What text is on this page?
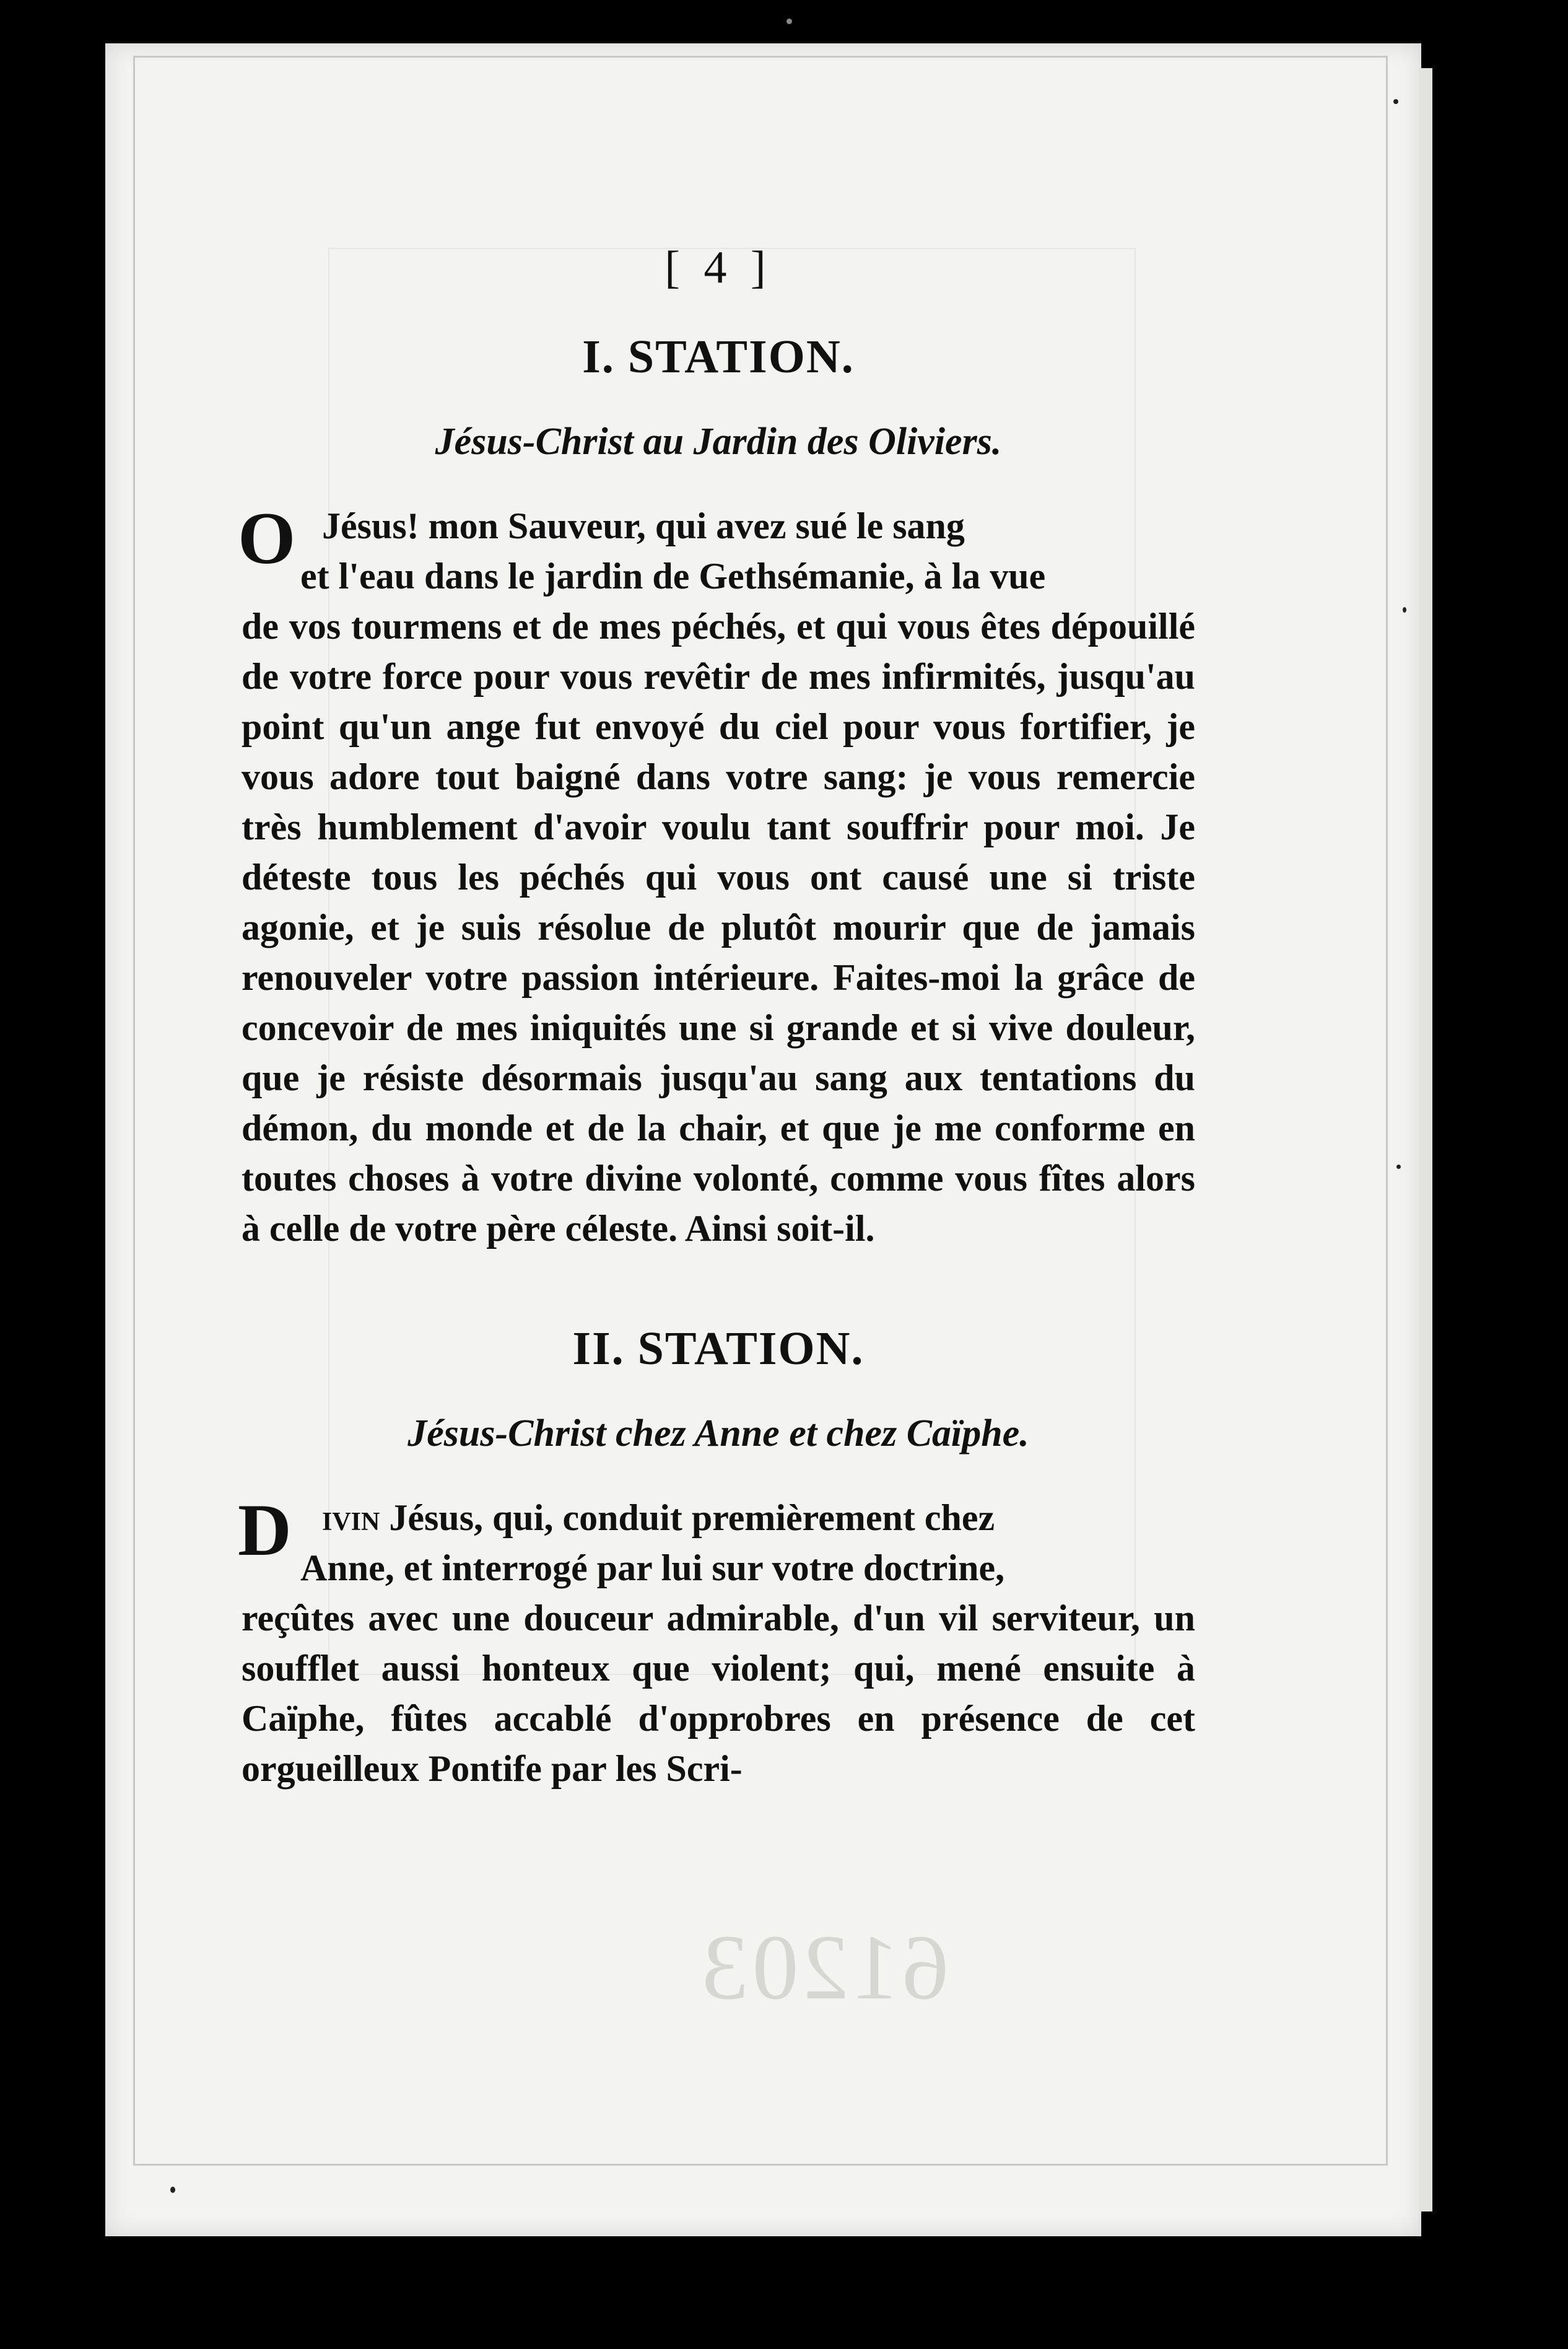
61203
[ 4 ]
I. STATION.
Jésus-Christ au Jardin des Oliviers.

O Jésus! mon Sauveur, qui avez sué le sang
et l'eau dans le jardin de Gethsémanie, à la vue
de vos tourmens et de mes péchés, et qui vous êtes dépouillé de votre force pour vous revêtir de mes infirmités, jusqu'au point qu'un ange fut envoyé du ciel pour vous fortifier, je vous adore tout baigné dans votre sang: je vous remercie très humblement d'avoir voulu tant souffrir pour moi. Je déteste tous les péchés qui vous ont causé une si triste agonie, et je suis résolue de plutôt mourir que de jamais renouveler votre passion intérieure. Faites-moi la grâce de concevoir de mes iniquités une si grande et si vive douleur, que je résiste désormais jusqu'au sang aux tentations du démon, du monde et de la chair, et que je me conforme en toutes choses à votre divine volonté, comme vous fîtes alors à celle de votre père céleste. Ainsi soit-il.

II. STATION.
Jésus-Christ chez Anne et chez Caïphe.

D ivin Jésus, qui, conduit premièrement chez
Anne, et interrogé par lui sur votre doctrine,
reçûtes avec une douceur admirable, d'un vil serviteur, un soufflet aussi honteux que violent; qui, mené ensuite à Caïphe, fûtes accablé d'opprobres en présence de cet orgueilleux Pontife par les Scri-
